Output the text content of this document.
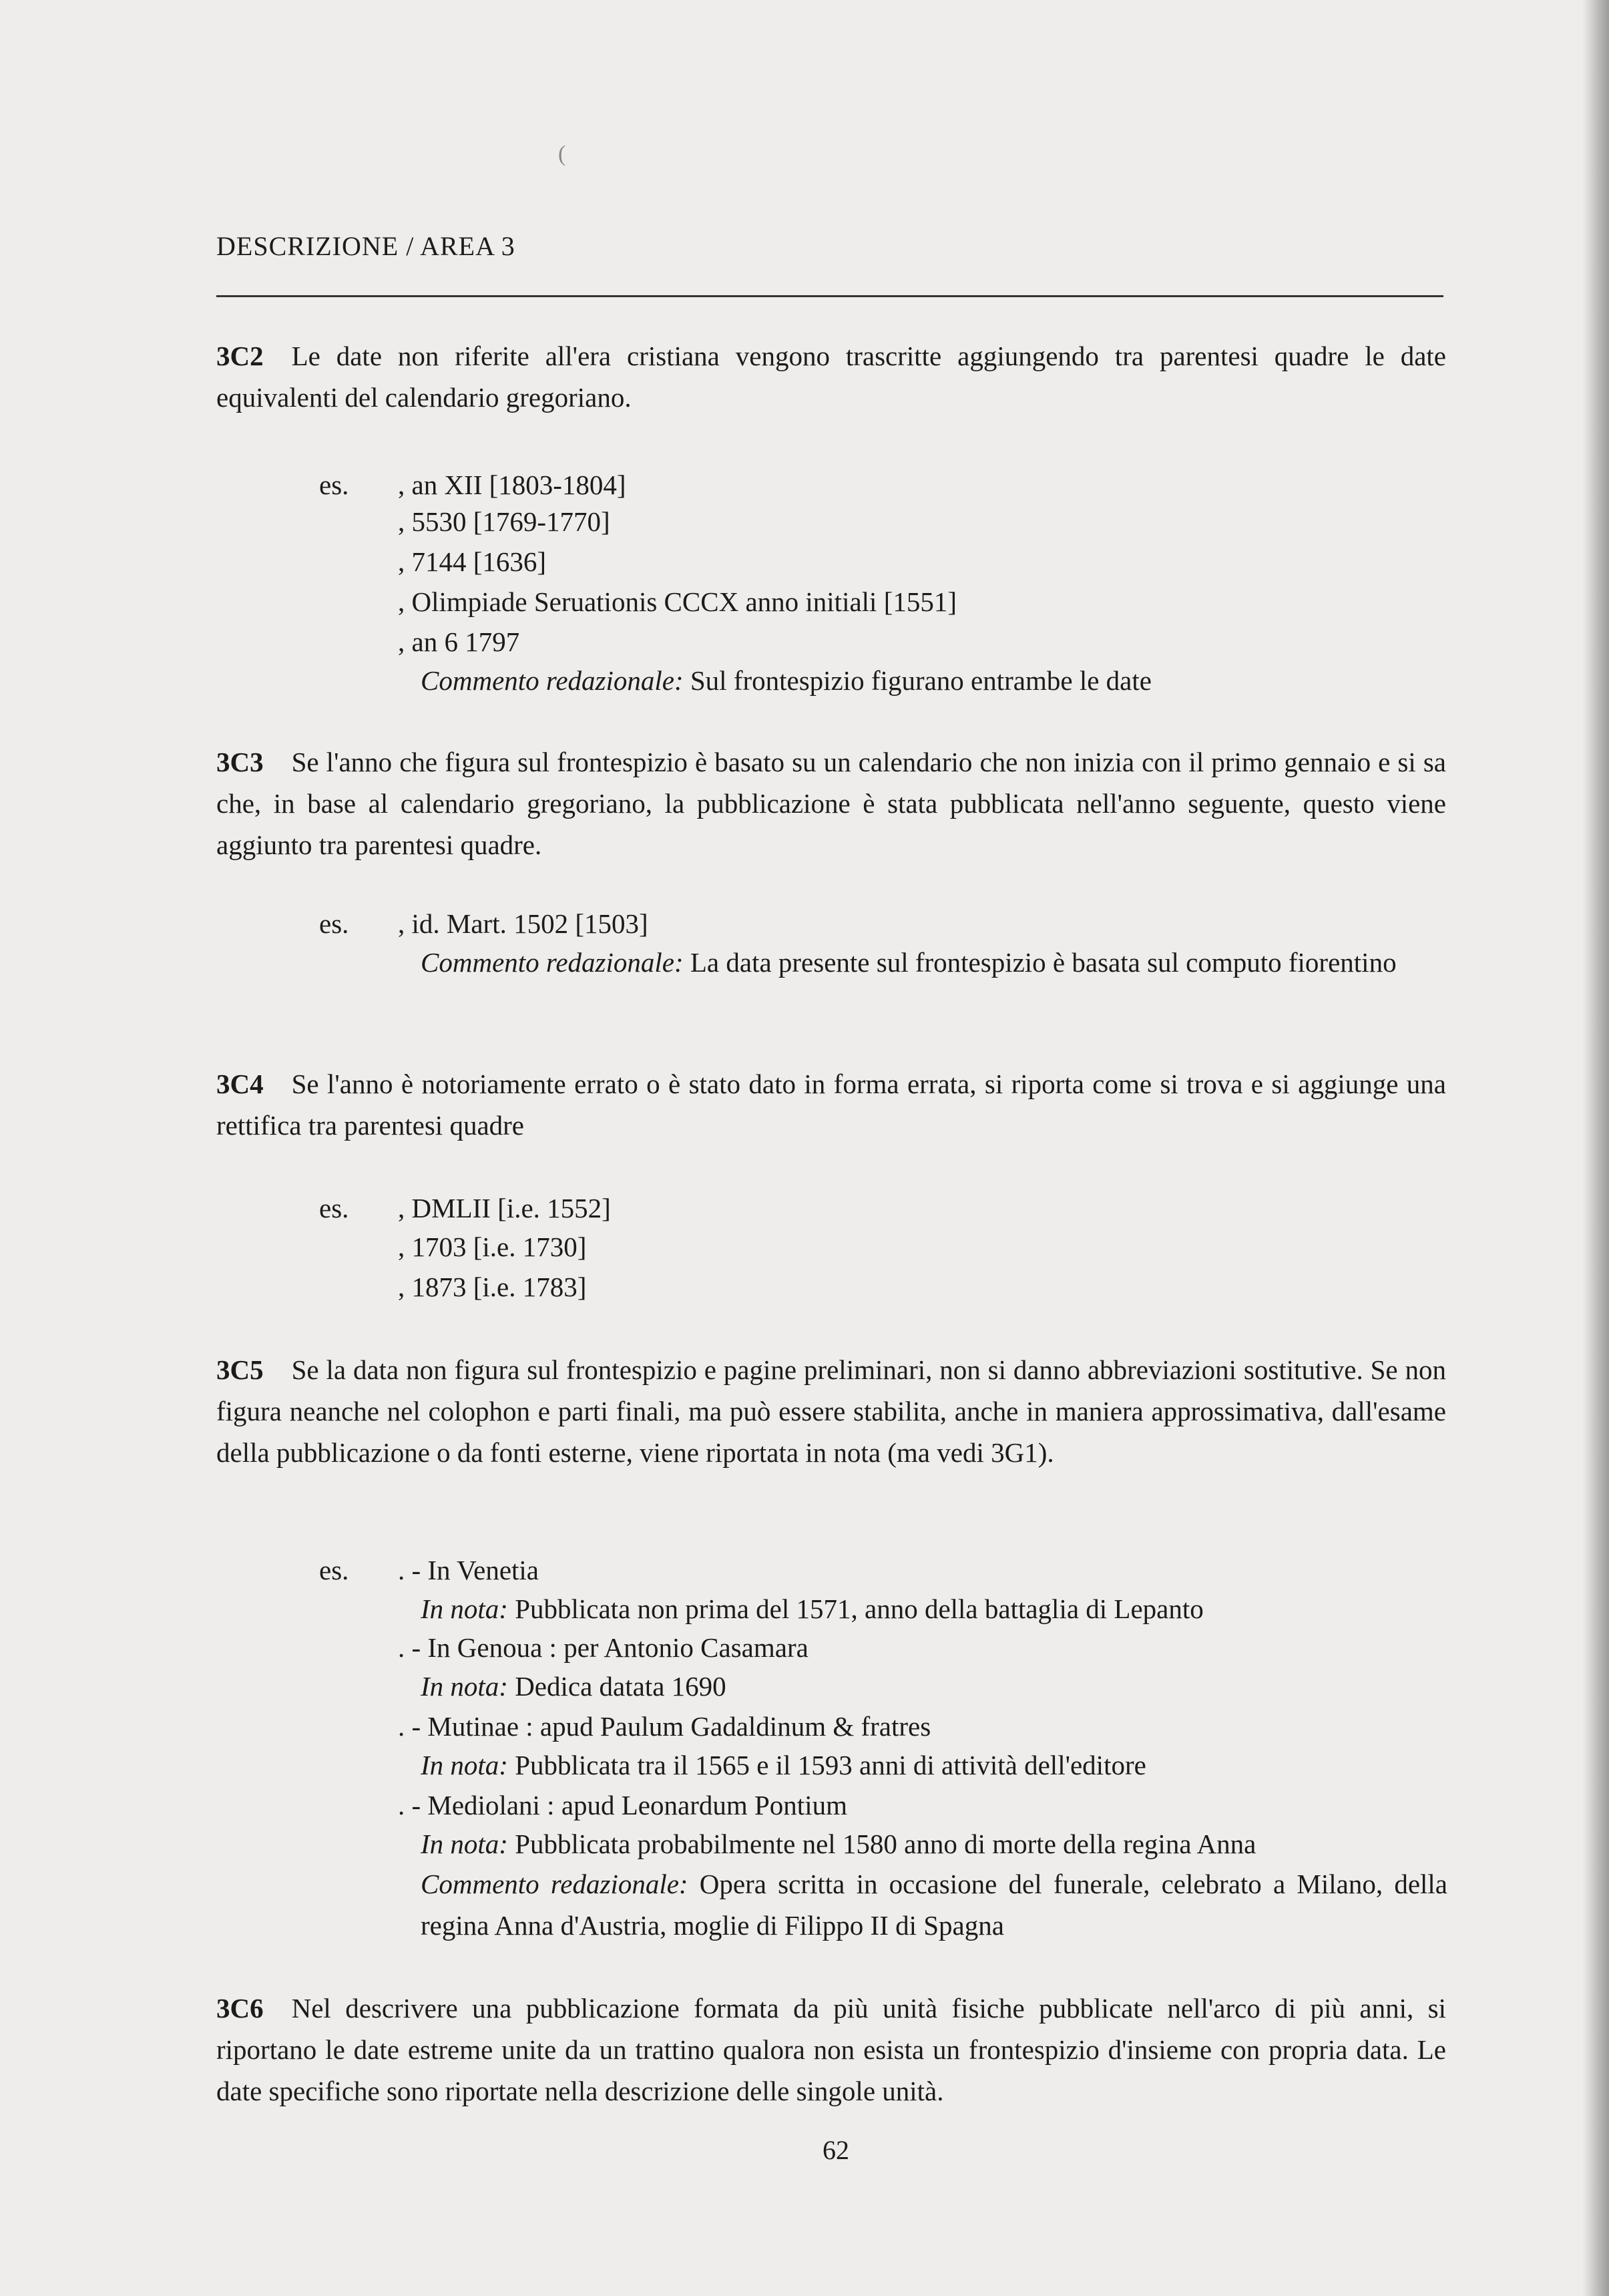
(
DESCRIZIONE / AREA 3
3C2 Le date non riferite all'era cristiana vengono trascritte aggiungendo tra parentesi quadre le date equivalenti del calendario gregoriano.
es. , an XII [1803-1804]
, 5530 [1769-1770]
, 7144 [1636]
, Olimpiade Seruationis CCCX anno initiali [1551]
, an 6 1797
Commento redazionale: Sul frontespizio figurano entrambe le date
3C3 Se l'anno che figura sul frontespizio è basato su un calendario che non inizia con il primo gennaio e si sa che, in base al calendario gregoriano, la pubblicazione è stata pubblicata nell'anno seguente, questo viene aggiunto tra parentesi quadre.
es. , id. Mart. 1502 [1503]
Commento redazionale: La data presente sul frontespizio è basata sul computo fiorentino
3C4 Se l'anno è notoriamente errato o è stato dato in forma errata, si riporta come si trova e si aggiunge una rettifica tra parentesi quadre
es. , DMLII [i.e. 1552]
, 1703 [i.e. 1730]
, 1873 [i.e. 1783]
3C5 Se la data non figura sul frontespizio e pagine preliminari, non si danno abbreviazioni sostitutive. Se non figura neanche nel colophon e parti finali, ma può essere stabilita, anche in maniera approssimativa, dall'esame della pubblicazione o da fonti esterne, viene riportata in nota (ma vedi 3G1).
es. . - In Venetia
In nota: Pubblicata non prima del 1571, anno della battaglia di Lepanto
. - In Genoua : per Antonio Casamara
In nota: Dedica datata 1690
. - Mutinae : apud Paulum Gadaldinum & fratres
In nota: Pubblicata tra il 1565 e il 1593 anni di attività dell'editore
. - Mediolani : apud Leonardum Pontium
In nota: Pubblicata probabilmente nel 1580 anno di morte della regina Anna
Commento redazionale: Opera scritta in occasione del funerale, celebrato a Milano, della regina Anna d'Austria, moglie di Filippo II di Spagna
3C6 Nel descrivere una pubblicazione formata da più unità fisiche pubblicate nell'arco di più anni, si riportano le date estreme unite da un trattino qualora non esista un frontespizio d'insieme con propria data. Le date specifiche sono riportate nella descrizione delle singole unità.
62
